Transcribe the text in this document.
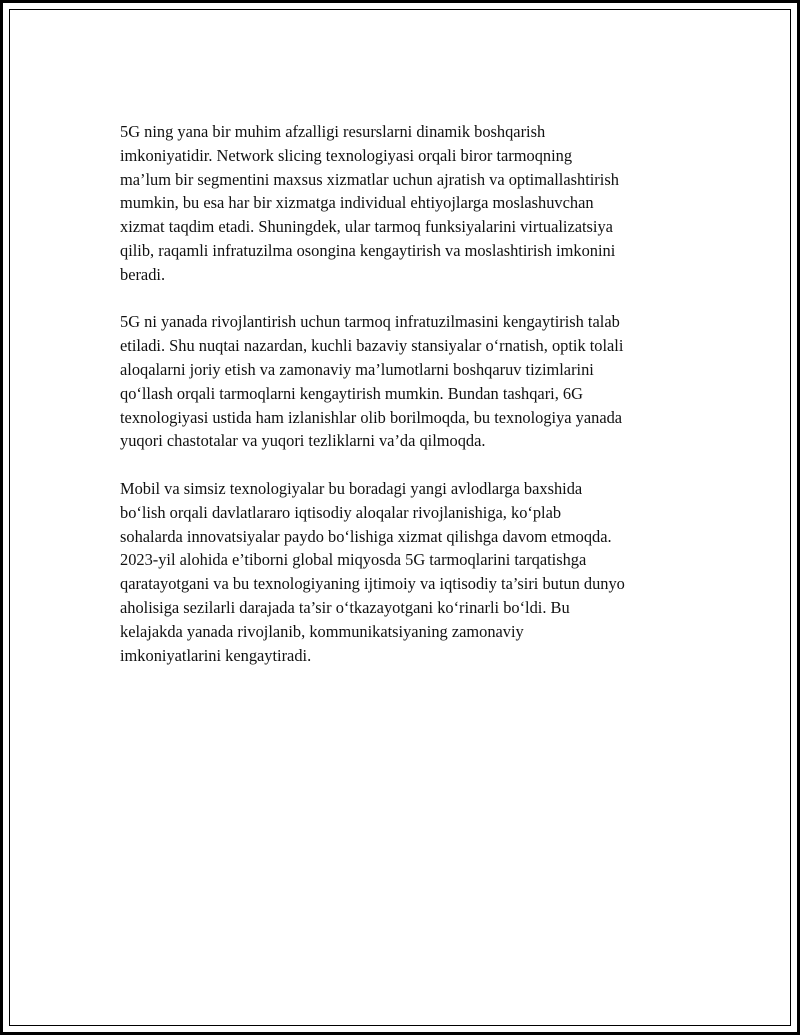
5G ning yana bir muhim afzalligi resurslarni dinamik boshqarish
imkoniyatidir. Network slicing texnologiyasi orqali biror tarmoqning
ma’lum bir segmentini maxsus xizmatlar uchun ajratish va optimallashtirish
mumkin, bu esa har bir xizmatga individual ehtiyojlarga moslashuvchan
xizmat taqdim etadi. Shuningdek, ular tarmoq funksiyalarini virtualizatsiya
qilib, raqamli infratuzilma osongina kengaytirish va moslashtirish imkonini
beradi.

5G ni yanada rivojlantirish uchun tarmoq infratuzilmasini kengaytirish talab
etiladi. Shu nuqtai nazardan, kuchli bazaviy stansiyalar o‘rnatish, optik tolali
aloqalarni joriy etish va zamonaviy ma’lumotlarni boshqaruv tizimlarini
qo‘llash orqali tarmoqlarni kengaytirish mumkin. Bundan tashqari, 6G
texnologiyasi ustida ham izlanishlar olib borilmoqda, bu texnologiya yanada
yuqori chastotalar va yuqori tezliklarni va’da qilmoqda.

Mobil va simsiz texnologiyalar bu boradagi yangi avlodlarga baxshida
bo‘lish orqali davlatlararo iqtisodiy aloqalar rivojlanishiga, ko‘plab
sohalarda innovatsiyalar paydo bo‘lishiga xizmat qilishga davom etmoqda.
2023-yil alohida e’tiborni global miqyosda 5G tarmoqlarini tarqatishga
qaratayotgani va bu texnologiyaning ijtimoiy va iqtisodiy ta’siri butun dunyo
aholisiga sezilarli darajada ta’sir o‘tkazayotgani ko‘rinarli bo‘ldi. Bu
kelajakda yanada rivojlanib, kommunikatsiyaning zamonaviy
imkoniyatlarini kengaytiradi.
